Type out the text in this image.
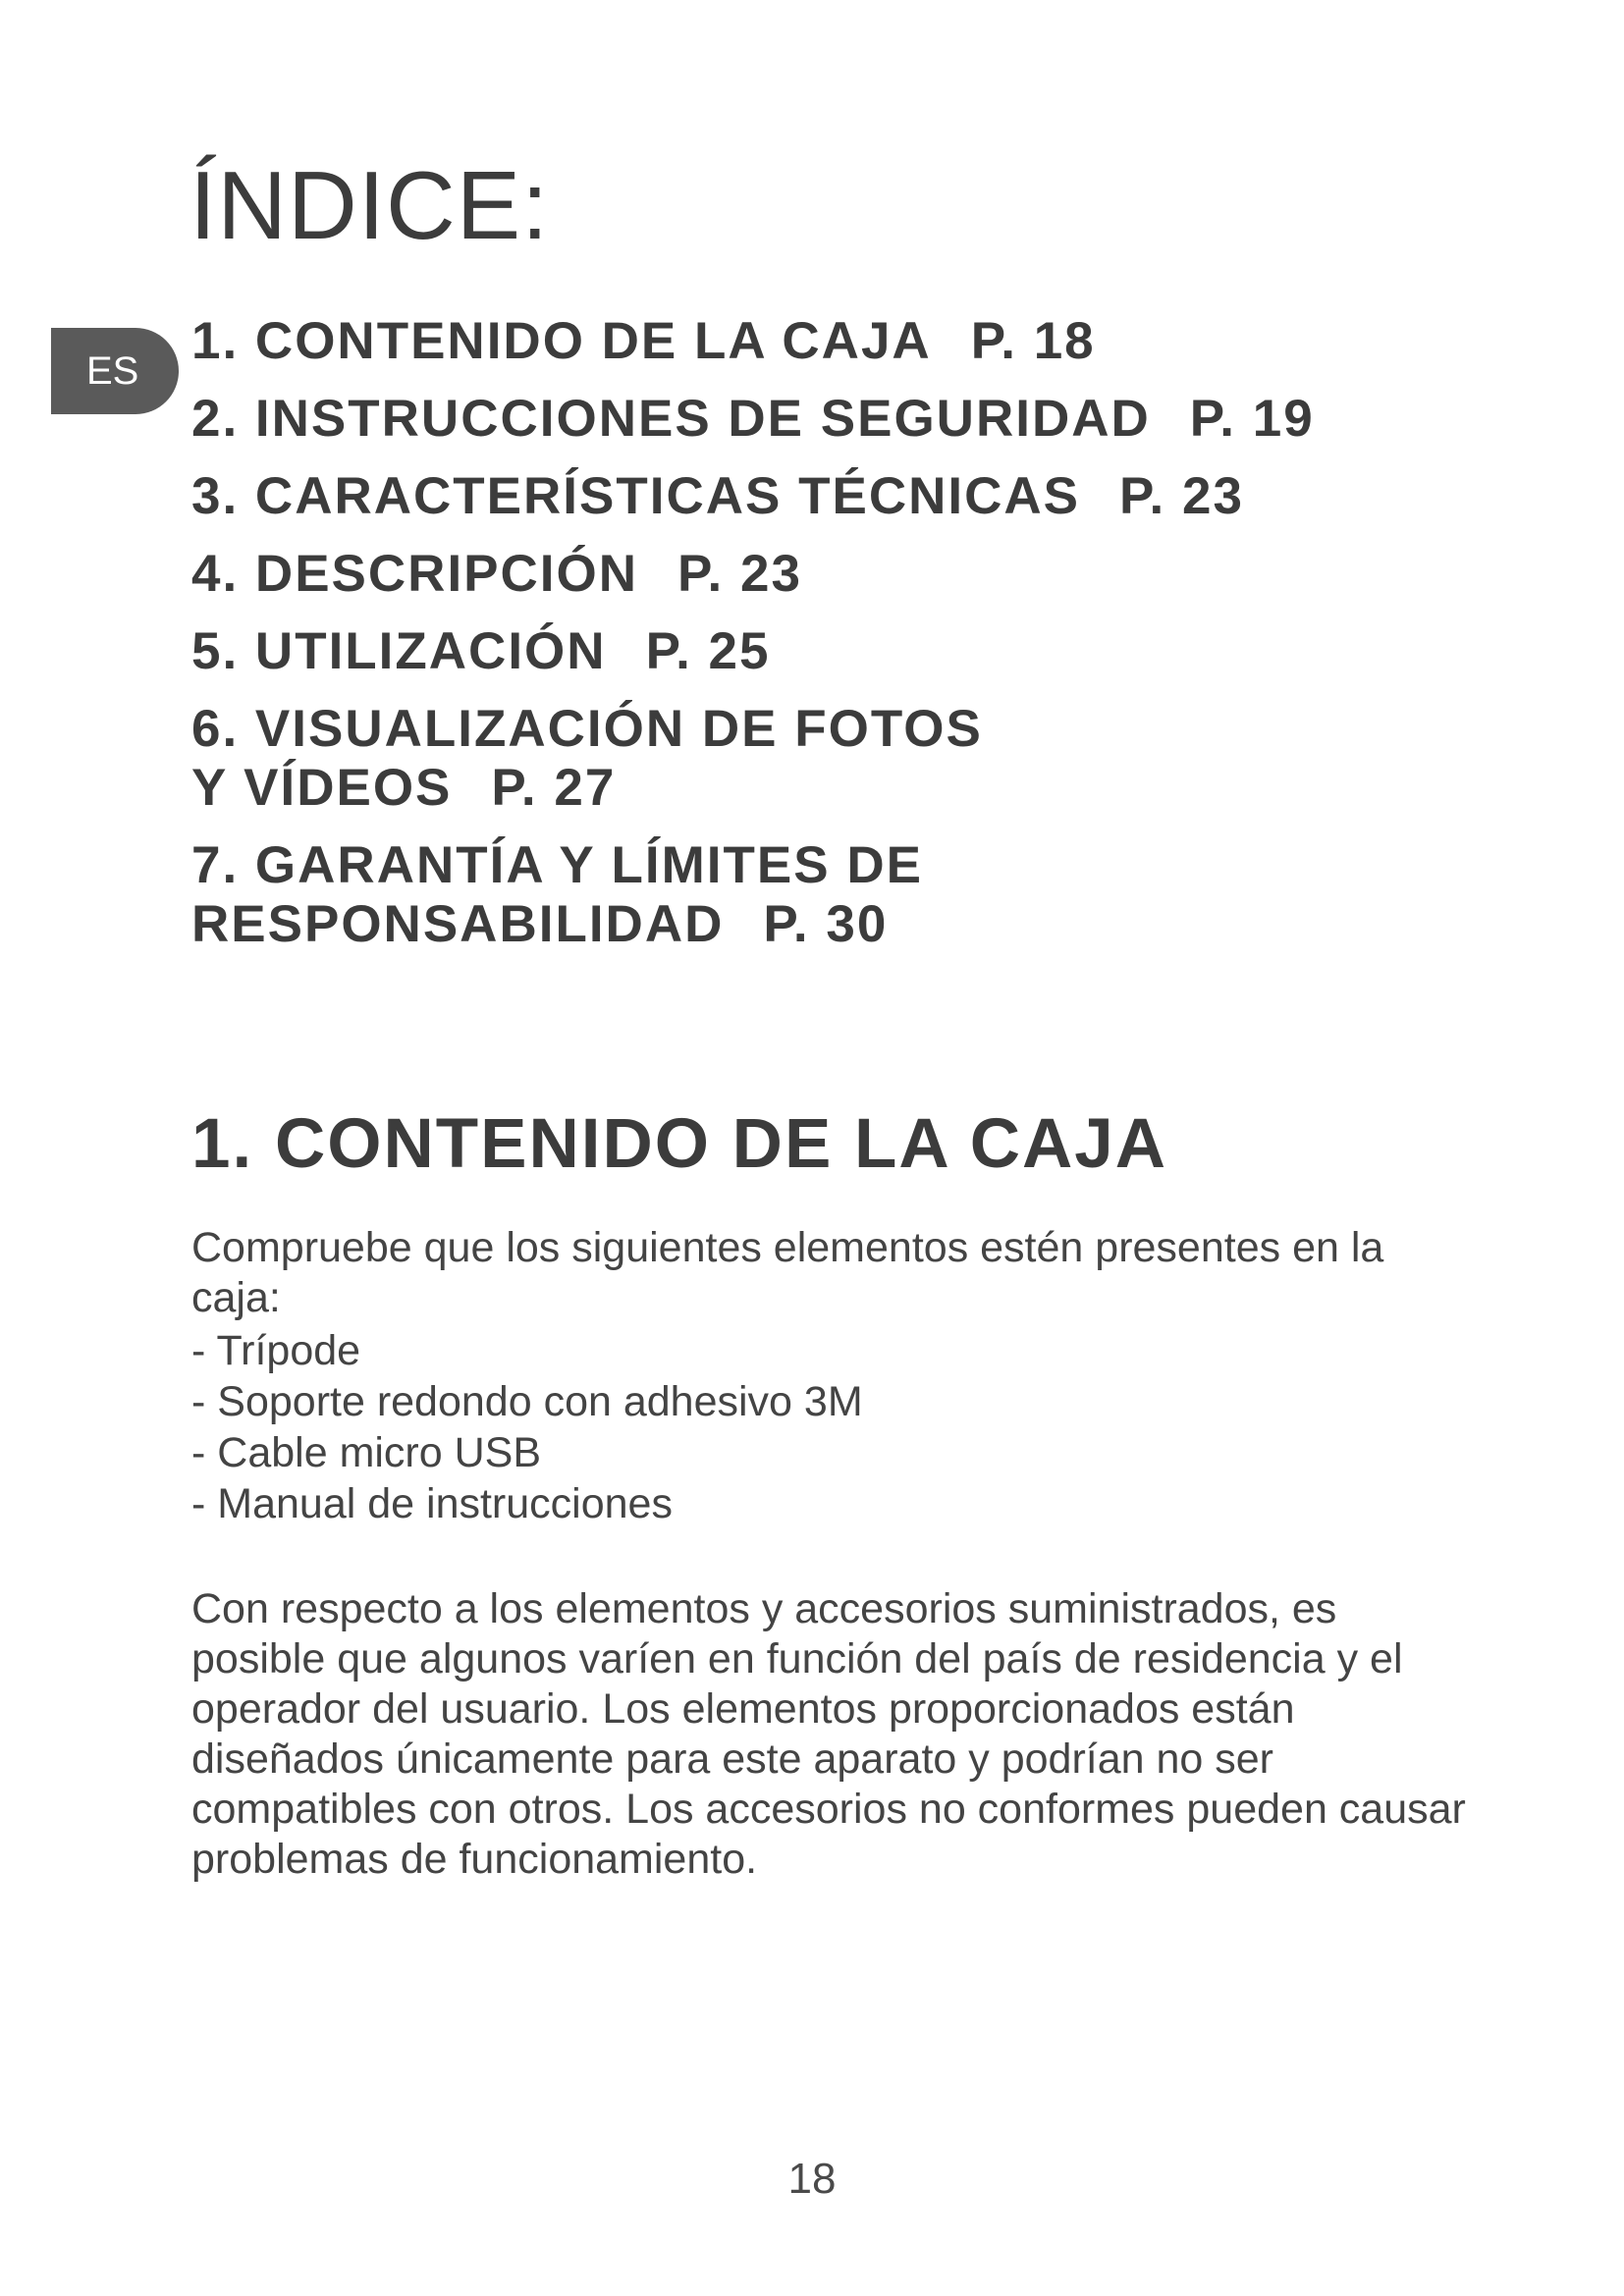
ÍNDICE:
ES
1. CONTENIDO DE LA CAJA P. 18
2. INSTRUCCIONES DE SEGURIDAD P. 19
3. CARACTERÍSTICAS TÉCNICAS P. 23
4. DESCRIPCIÓN P. 23
5. UTILIZACIÓN P. 25
6. VISUALIZACIÓN DE FOTOS
Y VÍDEOS P. 27
7. GARANTÍA Y LÍMITES DE
RESPONSABILIDAD P. 30
1. CONTENIDO DE LA CAJA

Compruebe que los siguientes elementos estén presentes en la caja:

- Trípode
- Soporte redondo con adhesivo 3M
- Cable micro USB
- Manual de instrucciones

Con respecto a los elementos y accesorios suministrados, es posible que algunos varíen en función del país de residencia y el operador del usuario. Los elementos proporcionados están diseñados únicamente para este aparato y podrían no ser compatibles con otros. Los accesorios no conformes pueden causar problemas de funcionamiento.

18
